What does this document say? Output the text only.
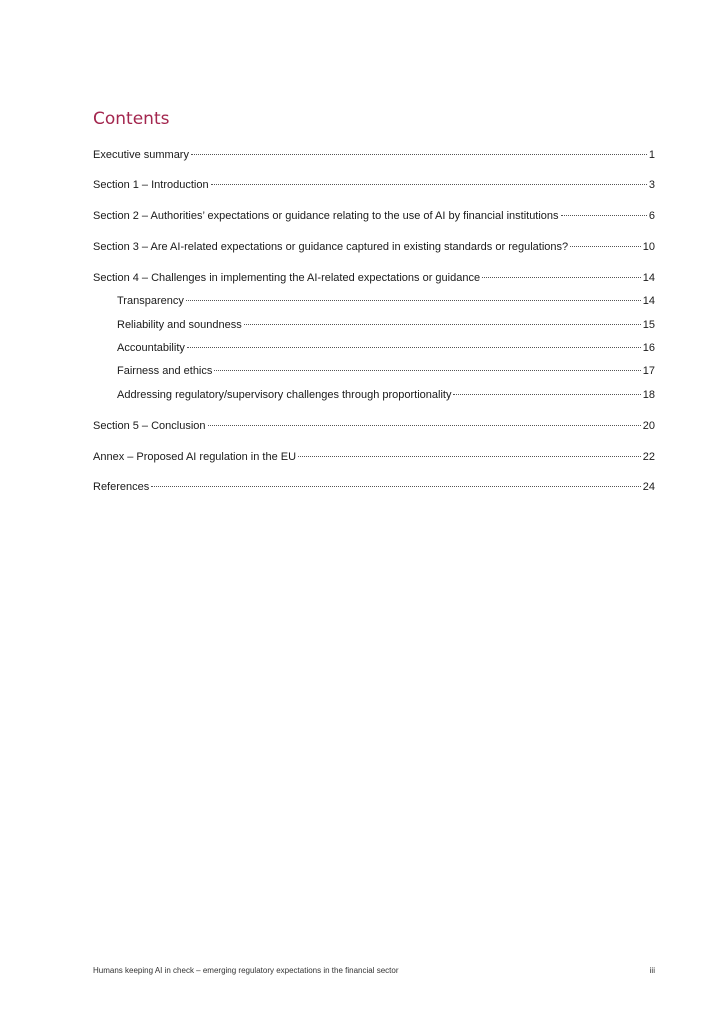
Contents
Executive summary	1
Section 1 – Introduction	3
Section 2 – Authorities’ expectations or guidance relating to the use of AI by financial institutions	6
Section 3 – Are AI-related expectations or guidance captured in existing standards or regulations?	10
Section 4 – Challenges in implementing the AI-related expectations or guidance	14
Transparency	14
Reliability and soundness	15
Accountability	16
Fairness and ethics	17
Addressing regulatory/supervisory challenges through proportionality	18
Section 5 – Conclusion	20
Annex – Proposed AI regulation in the EU	22
References	24
Humans keeping AI in check – emerging regulatory expectations in the financial sector	iii
